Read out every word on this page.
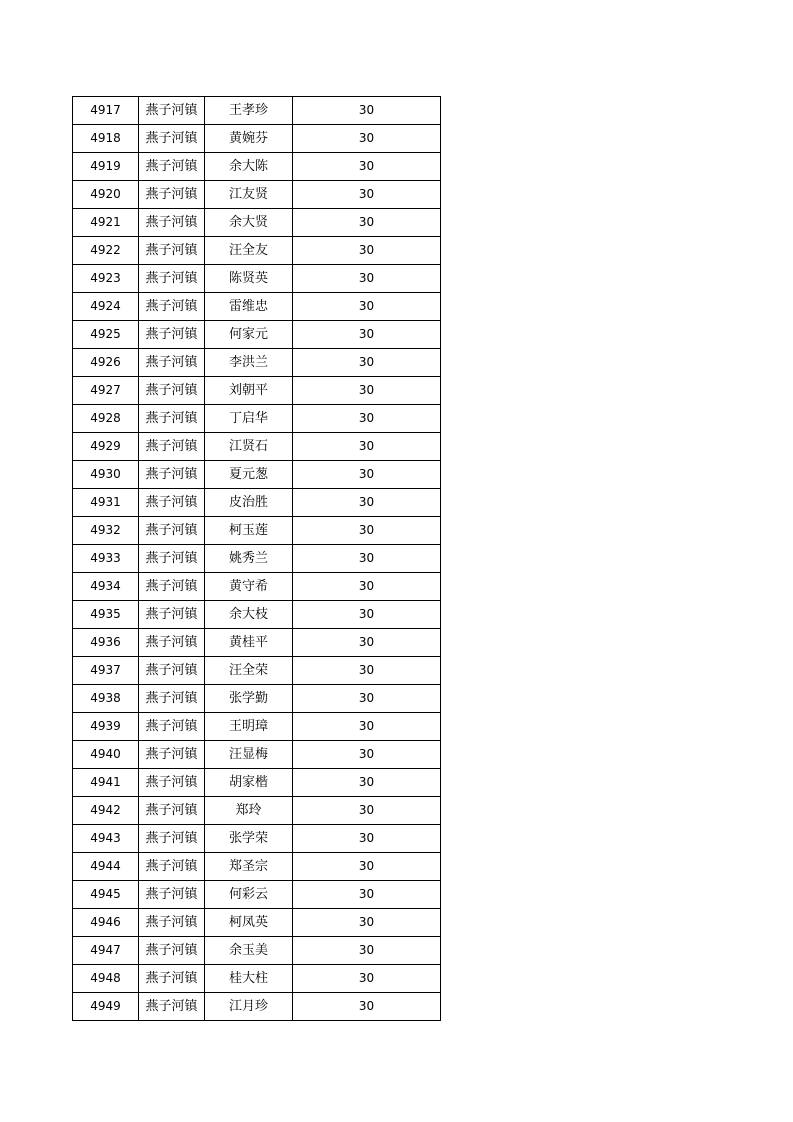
4917	燕子河镇	王孝珍	30
4918	燕子河镇	黄婉芬	30
4919	燕子河镇	余大陈	30
4920	燕子河镇	江友贤	30
4921	燕子河镇	余大贤	30
4922	燕子河镇	汪全友	30
4923	燕子河镇	陈贤英	30
4924	燕子河镇	雷维忠	30
4925	燕子河镇	何家元	30
4926	燕子河镇	李洪兰	30
4927	燕子河镇	刘朝平	30
4928	燕子河镇	丁启华	30
4929	燕子河镇	江贤石	30
4930	燕子河镇	夏元葱	30
4931	燕子河镇	皮治胜	30
4932	燕子河镇	柯玉莲	30
4933	燕子河镇	姚秀兰	30
4934	燕子河镇	黄守希	30
4935	燕子河镇	余大枝	30
4936	燕子河镇	黄桂平	30
4937	燕子河镇	汪全荣	30
4938	燕子河镇	张学勤	30
4939	燕子河镇	王明璋	30
4940	燕子河镇	汪显梅	30
4941	燕子河镇	胡家楷	30
4942	燕子河镇	郑玲	30
4943	燕子河镇	张学荣	30
4944	燕子河镇	郑圣宗	30
4945	燕子河镇	何彩云	30
4946	燕子河镇	柯凤英	30
4947	燕子河镇	余玉美	30
4948	燕子河镇	桂大柱	30
4949	燕子河镇	江月珍	30
